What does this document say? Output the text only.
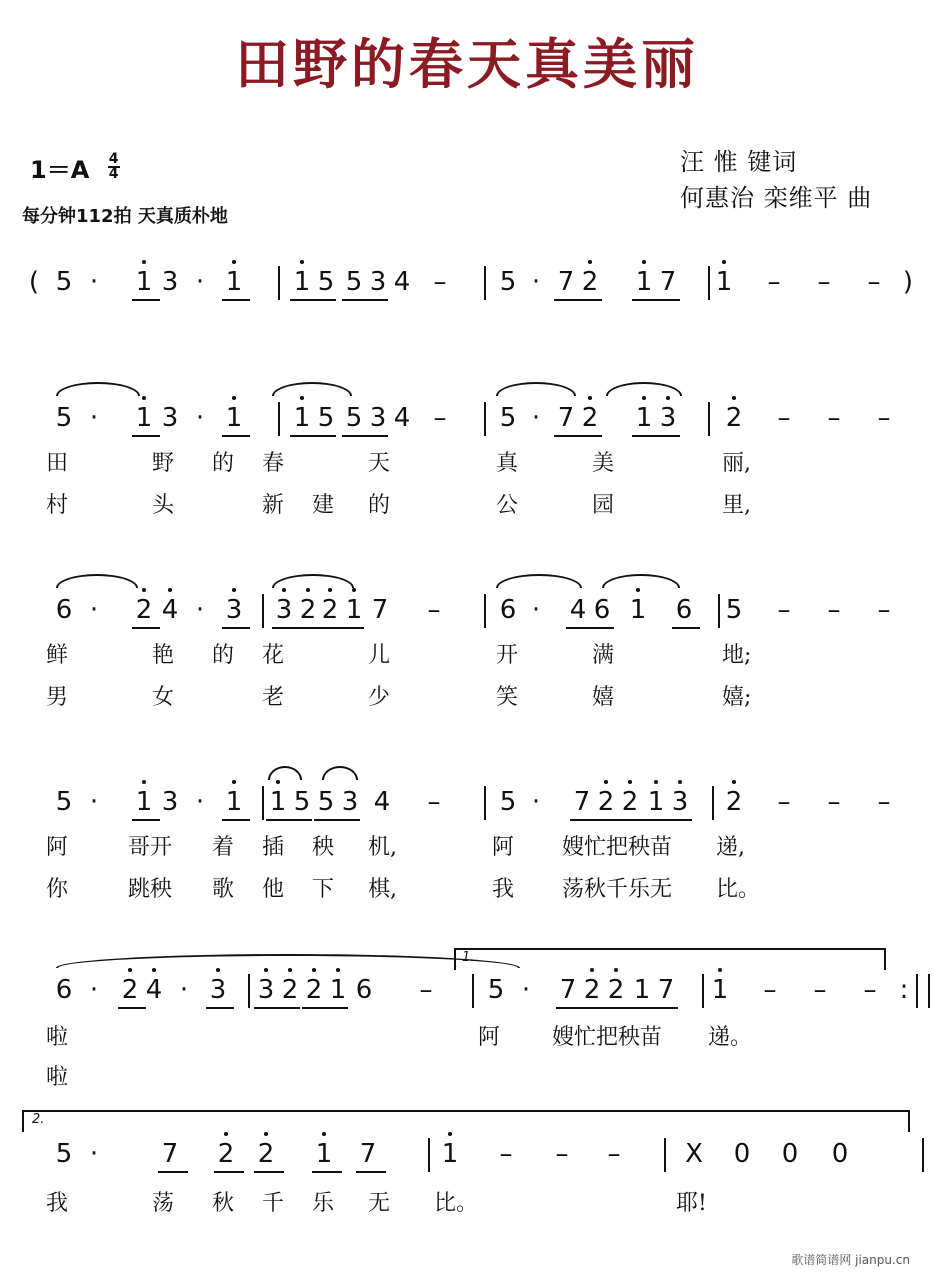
田野的春天真美丽
$1=A \frac{4}{4}$
每分钟112拍 天真质朴地
汪 惟 键词
何惠治 栾维平 曲
( 5 ·	1 3 · 1 1 5 5 3 4 – 5 · 7 2 1 7 1 – – – )
5 ·	1 3 · 1 1 5 5 3 4 – 5 · 7 2 1 3 2 – – –
6 ·	2 4 · 3 3 2 2 1 7 – 6 ·	4 6 1 6 5 – – –
5 ·	1 3 · 1 1 5 5 3 4 – 5 ·	7 2 2 1 3 2 – – –
6 · 2 4 · 3 3 2 2 1 6 – 5 ·	7 2 2 1 7 1 – – – :
5 ·	7 2 2 1 7	1 – – – X 0 0 0
田	野 的 春	天	真	美	丽,
村	头	新 建 的	公	园	里,
鲜	艳 的 花	儿	开	满	地;
男	女	老	少	笑	嬉	嬉;
阿	哥开 着 插 秧 机,	阿 嫂忙把秧苗 递,
你	跳秧 歌 他 下 棋,	我 荡秋千乐无 比。
啦	阿 嫂忙把秧苗 递。
啦
我	荡 秋 千 乐 无 比。	耶!
1.
2.
歌谱简谱网 jianpu.cn
